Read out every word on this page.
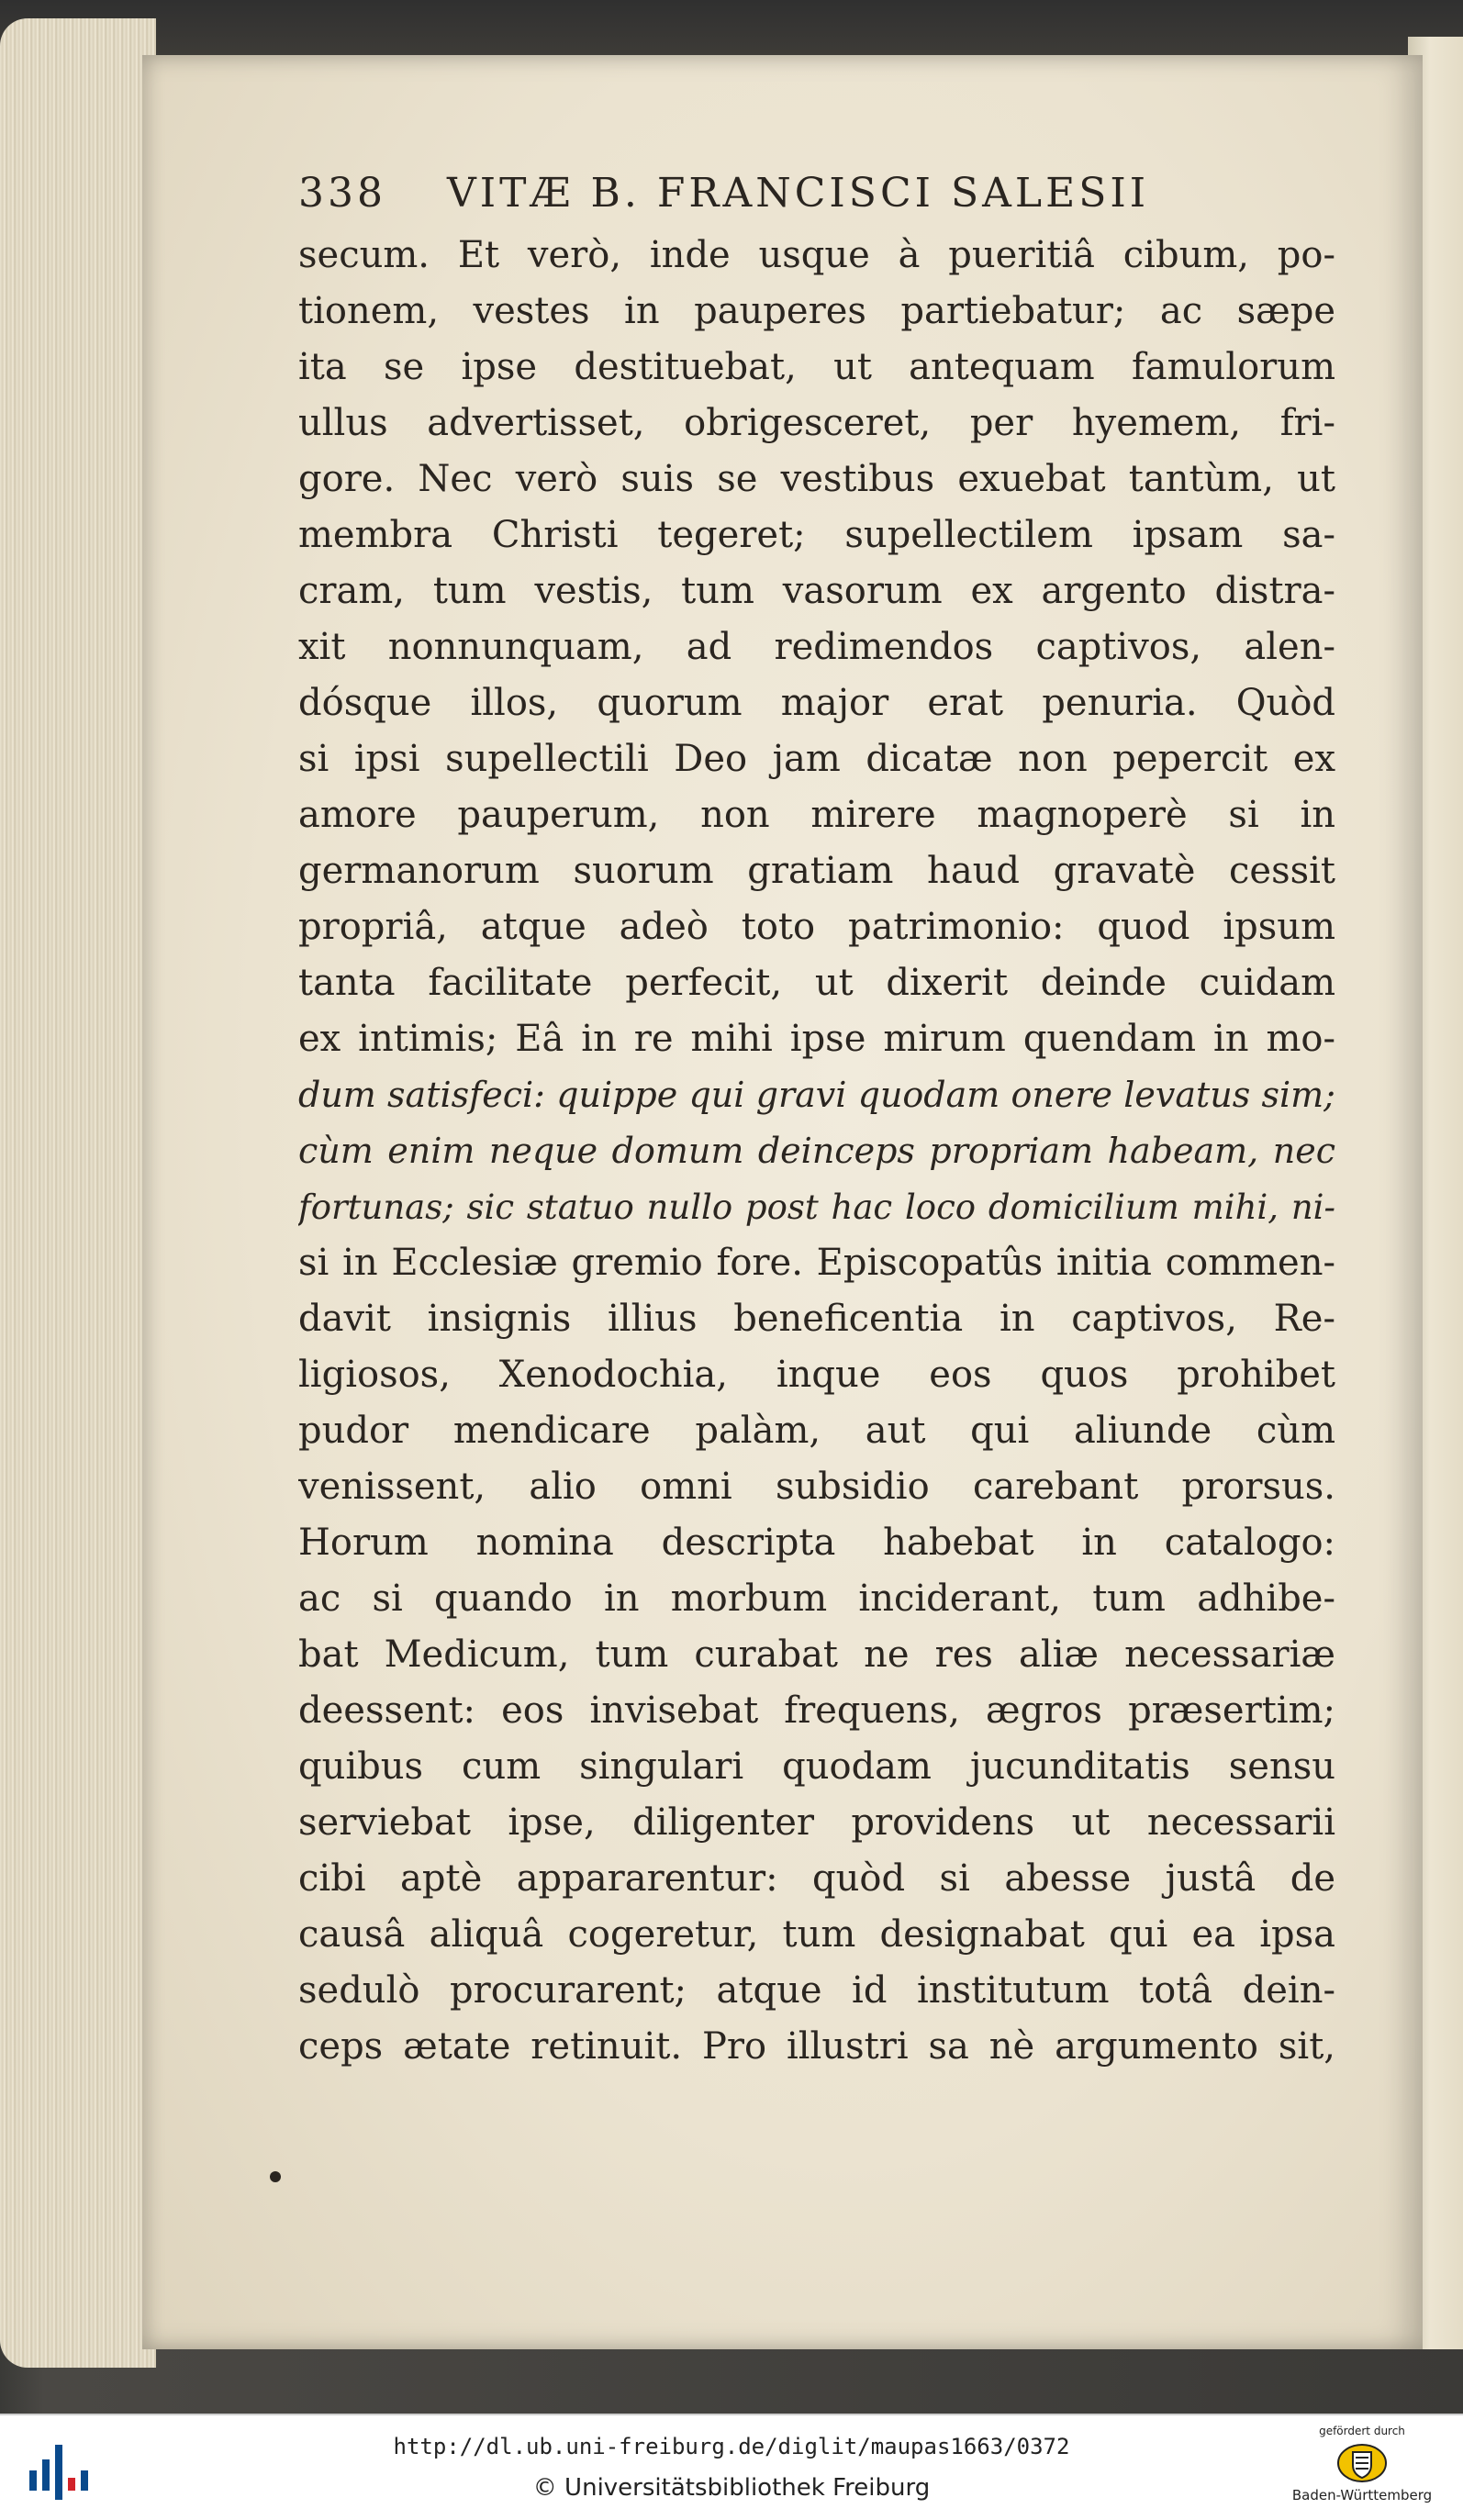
338 VITÆ B. FRANCISCI SALESII
secum. Et verò, inde usque à pueritiâ cibum, po-
tionem, vestes in pauperes partiebatur; ac sæpe
ita se ipse destituebat, ut antequam famulorum
ullus advertisset, obrigesceret, per hyemem, fri-
gore. Nec verò suis se vestibus exuebat tantùm, ut
membra Christi tegeret; supellectilem ipsam sa-
cram, tum vestis, tum vasorum ex argento distra-
xit nonnunquam, ad redimendos captivos, alen-
dósque illos, quorum major erat penuria. Quòd
si ipsi supellectili Deo jam dicatæ non pepercit ex
amore pauperum, non mirere magnoperè si in
germanorum suorum gratiam haud gravatè cessit
propriâ, atque adeò toto patrimonio: quod ipsum
tanta facilitate perfecit, ut dixerit deinde cuidam
ex intimis; Eâ in re mihi ipse mirum quendam in mo-
dum satisfeci: quippe qui gravi quodam onere levatus sim;
cùm enim neque domum deinceps propriam habeam, nec
fortunas; sic statuo nullo post hac loco domicilium mihi, ni-
si in Ecclesiæ gremio fore. Episcopatûs initia commen-
davit insignis illius beneficentia in captivos, Re-
ligiosos, Xenodochia, inque eos quos prohibet
pudor mendicare palàm, aut qui aliunde cùm
venissent, alio omni subsidio carebant prorsus.
Horum nomina descripta habebat in catalogo:
ac si quando in morbum inciderant, tum adhibe-
bat Medicum, tum curabat ne res aliæ necessariæ
deessent: eos invisebat frequens, ægros præsertim;
quibus cum singulari quodam jucunditatis sensu
serviebat ipse, diligenter providens ut necessarii
cibi aptè appararentur: quòd si abesse justâ de
causâ aliquâ cogeretur, tum designabat qui ea ipsa
sedulò procurarent; atque id institutum totâ dein-
ceps ætate retinuit. Pro illustri sa nè argumento sit,
http://dl.ub.uni-freiburg.de/diglit/maupas1663/0372
© Universitätsbibliothek Freiburg
gefördert durch
Baden-Württemberg
